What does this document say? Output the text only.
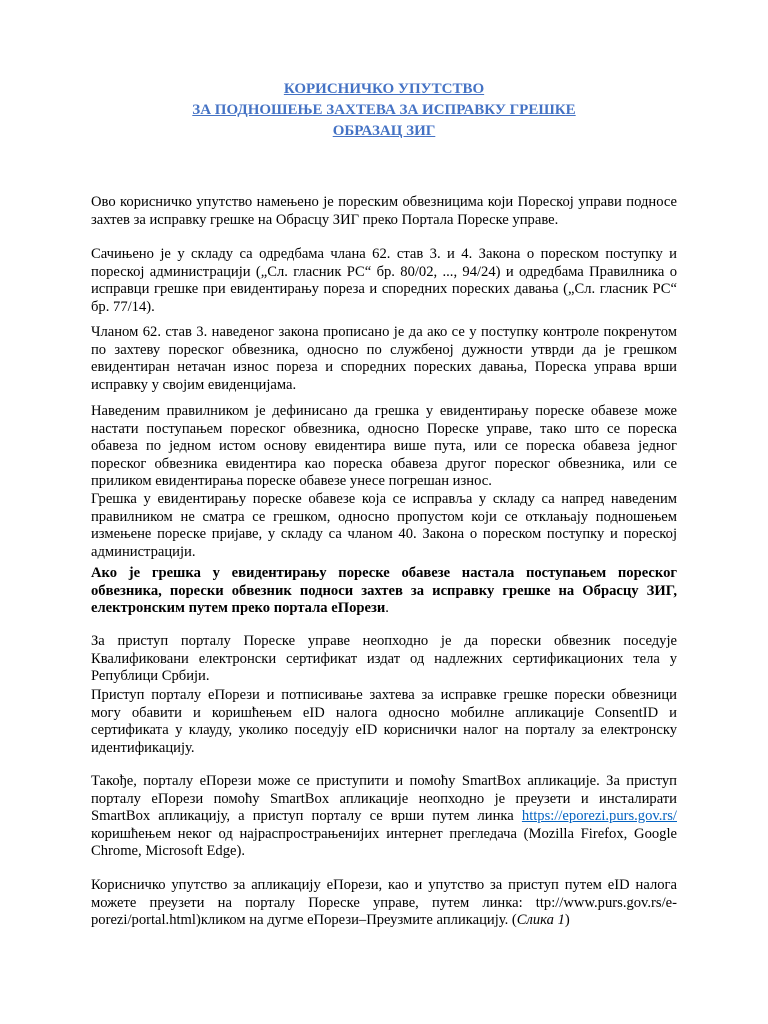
КОРИСНИЧКО УПУТСТВО

ЗА ПОДНОШЕЊЕ ЗАХТЕВА ЗА ИСПРАВКУ ГРЕШКЕ

ОБРАЗАЦ ЗИГ

Ово корисничко упутство намењено је пореским обвезницима који Пореској управи подносе захтев за исправку грешке на Обрасцу ЗИГ преко Портала Пореске управе.

Сачињено је у складу са одредбама члана 62. став 3. и 4. Закона о пореском поступку и пореској администрацији („Сл. гласник РС“ бр. 80/02, ..., 94/24) и одредбама Правилника о исправци грешке при евидентирању пореза и споредних пореских давања („Сл. гласник РС“ бр. 77/14).

Чланом 62. став 3. наведеног закона прописано је да ако се у поступку контроле покренутом по захтеву пореског обвезника, односно по службеној дужности утврди да је грешком евидентиран нетачан износ пореза и споредних пореских давања, Пореска управа врши исправку у својим евиденцијама.

Наведеним правилником је дефинисано да грешка у евидентирању пореске обавезе може настати поступањем пореског обвезника, односно Пореске управе, тако што се пореска обавеза по једном истом основу евидентира више пута, или се пореска обавеза једног пореског обвезника евидентира као пореска обавеза другог пореског обвезника, или се приликом евидентирања пореске обавезе унесе погрешан износ.

Грешка у евидентирању пореске обавезе која се исправља у складу са напред наведеним правилником не сматра се грешком, односно пропустом који се отклањају подношењем измењене пореске пријаве, у складу са чланом 40. Закона о пореском поступку и пореској администрацији.

Ако је грешка у евидентирању пореске обавезе настала поступањем пореског обвезника, порески обвезник подноси захтев за исправку грешке на Обрасцу ЗИГ, електронским путем преко портала еПорези.

За приступ порталу Пореске управе неопходно је да порески обвезник поседује Квалификовани електронски сертификат издат од надлежних сертификационих тела у Републици Србији.

Приступ порталу еПорези и потписивање захтева за исправке грешке порески обвезници могу обавити и коришћењем eID налога односно мобилне апликације ConsentID и сертификата у клауду, уколико поседују eID кориснички налог на порталу за електронску идентификацију.

Такође, порталу еПорези може се приступити и помоћу SmartBox апликације. За приступ порталу еПорези помоћу SmartBox апликације неопходно је преузети и инсталирати SmartBox апликацију, а приступ порталу се врши путем линка https://eporezi.purs.gov.rs/ коришћењем неког од најраспрострањенијих интернет прегледача (Mozilla Firefox, Google Chrome, Microsoft Edge).

Корисничко упутство за апликацију еПорези, као и упутство за приступ путем eID налога можете преузети на порталу Пореске управе, путем линка: ttp://www.purs.gov.rs/e-porezi/portal.html)кликом на дугме еПорези–Преузмите апликацију. (Слика 1)
